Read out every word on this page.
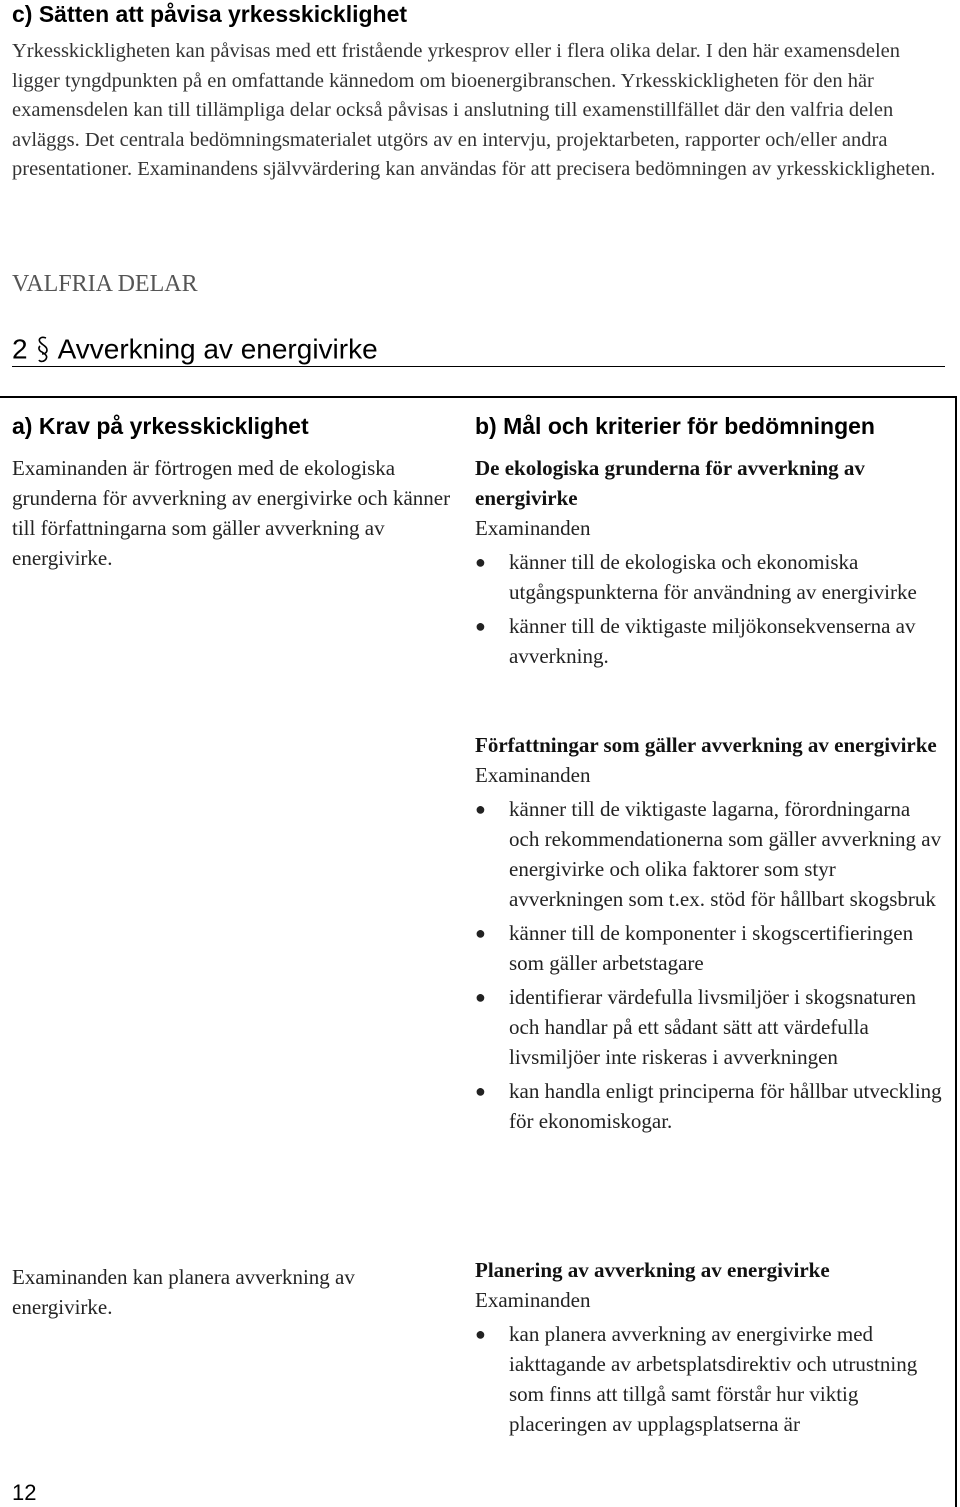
c) Sätten att påvisa yrkesskicklighet
Yrkesskickligheten kan påvisas med ett fristående yrkesprov eller i flera olika delar. I den här examensdelen ligger tyngdpunkten på en omfattande kännedom om bioenergibranschen. Yrkesskickligheten för den här examensdelen kan till tillämpliga delar också påvisas i anslutning till examenstillfället där den valfria delen avläggs. Det centrala bedömningsmaterialet utgörs av en intervju, projektarbeten, rapporter och/eller andra presentationer. Examinandens självvärdering kan användas för att precisera bedömningen av yrkesskickligheten.
VALFRIA DELAR
2 Avverkning av energivirke
a) Krav på yrkesskicklighet	b) Mål och kriterier för bedömningen
Examinanden är förtrogen med de ekologiska grunderna för avverkning av energivirke och känner till författningarna som gäller avverkning av energivirke.
Examinanden kan planera avverkning av energivirke.
De ekologiska grunderna för avverkning av energivirke
Examinanden
● känner till de ekologiska och ekonomiska utgångspunkterna för användning av energivirke
● känner till de viktigaste miljökonsekvenserna av avverkning.
Författningar som gäller avverkning av energivirke
Examinanden
● känner till de viktigaste lagarna, förordningarna och rekommendationerna som gäller avverkning av energivirke och olika faktorer som styr avverkningen som t.ex. stöd för hållbart skogsbruk
● känner till de komponenter i skogscertifieringen som gäller arbetstagare
● identifierar värdefulla livsmiljöer i skogsnaturen och handlar på ett sådant sätt att värdefulla livsmiljöer inte riskeras i avverkningen
● kan handla enligt principerna för hållbar utveckling för ekonomiskogar.
Planering av avverkning av energivirke
Examinanden
● kan planera avverkning av energivirke med iakttagande av arbetsplatsdirektiv och utrustning som finns att tillgå samt förstår hur viktig placeringen av upplagsplatserna är
12
